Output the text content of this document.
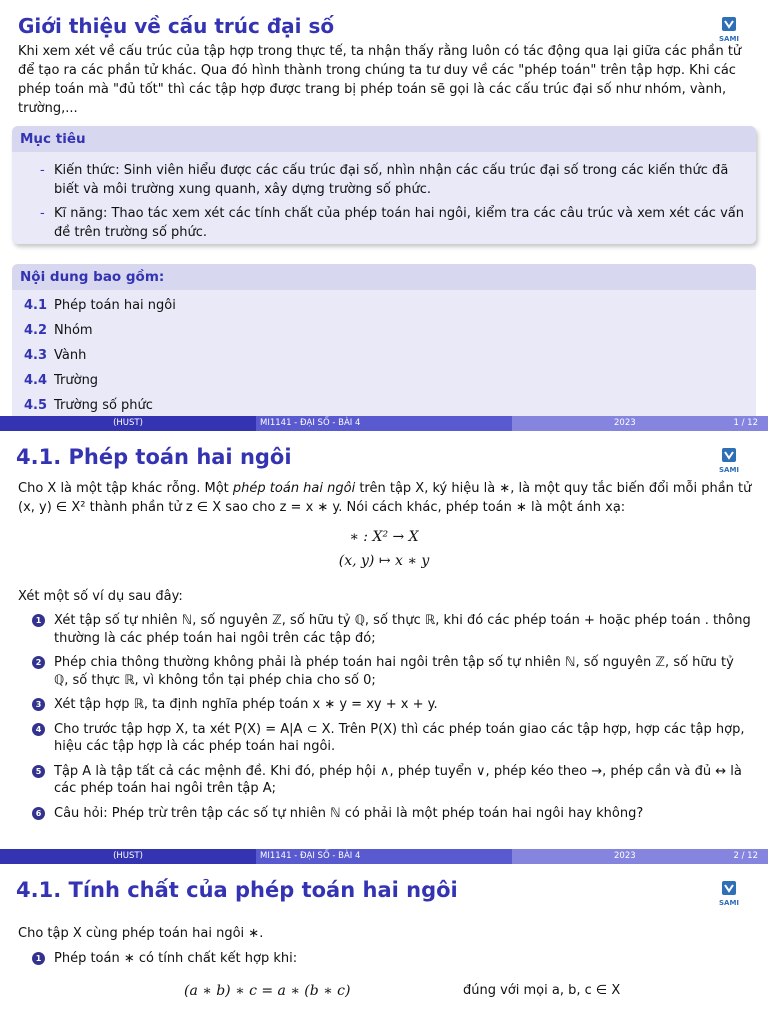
Giới thiệu về cấu trúc đại số
SAMI

Khi xem xét về cấu trúc của tập hợp trong thực tế, ta nhận thấy rằng luôn có tác động qua lại giữa các phần tử để tạo ra các phần tử khác. Qua đó hình thành trong chúng ta tư duy về các "phép toán" trên tập hợp. Khi các phép toán mà "đủ tốt" thì các tập hợp được trang bị phép toán sẽ gọi là các cấu trúc đại số như nhóm, vành, trường,...

Mục tiêu
- Kiến thức: Sinh viên hiểu được các cấu trúc đại số, nhìn nhận các cấu trúc đại số trong các kiến thức đã biết và môi trường xung quanh, xây dựng trường số phức.
- Kĩ năng: Thao tác xem xét các tính chất của phép toán hai ngôi, kiểm tra các câu trúc và xem xét các vấn đề trên trường số phức.
Nội dung bao gồm:
4.1 Phép toán hai ngôi
4.2 Nhóm
4.3 Vành
4.4 Trường
4.5 Trường số phức
(HUST)	MI1141 - ĐẠI SỐ - BÀI 4	2023	1 / 12
4.1. Phép toán hai ngôi
SAMI

Cho X là một tập khác rỗng. Một phép toán hai ngôi trên tập X, ký hiệu là ∗, là một quy tắc biến đổi mỗi phần tử (x, y) ∈ X² thành phần tử z ∈ X sao cho z = x ∗ y. Nói cách khác, phép toán ∗ là một ánh xạ:

∗ : X² → X
(x, y) ↦ x ∗ y

Xét một số ví dụ sau đây:

1 Xét tập số tự nhiên ℕ, số nguyên ℤ, số hữu tỷ ℚ, số thực ℝ, khi đó các phép toán + hoặc phép toán . thông thường là các phép toán hai ngôi trên các tập đó;
2 Phép chia thông thường không phải là phép toán hai ngôi trên tập số tự nhiên ℕ, số nguyên ℤ, số hữu tỷ ℚ, số thực ℝ, vì không tồn tại phép chia cho số 0;
3 Xét tập hợp ℝ, ta định nghĩa phép toán x ∗ y = xy + x + y.
4 Cho trước tập hợp X, ta xét P(X) = A|A ⊂ X. Trên P(X) thì các phép toán giao các tập hợp, hợp các tập hợp, hiệu các tập hợp là các phép toán hai ngôi.
5 Tập A là tập tất cả các mệnh đề. Khi đó, phép hội ∧, phép tuyển ∨, phép kéo theo →, phép cần và đủ ↔ là các phép toán hai ngôi trên tập A;
6 Câu hỏi: Phép trừ trên tập các số tự nhiên ℕ có phải là một phép toán hai ngôi hay không?
(HUST)	MI1141 - ĐẠI SỐ - BÀI 4	2023	2 / 12
4.1. Tính chất của phép toán hai ngôi
SAMI

Cho tập X cùng phép toán hai ngôi ∗.

1 Phép toán ∗ có tính chất kết hợp khi:
(a ∗ b) ∗ c = a ∗ (b ∗ c)	đúng với mọi a, b, c ∈ X
